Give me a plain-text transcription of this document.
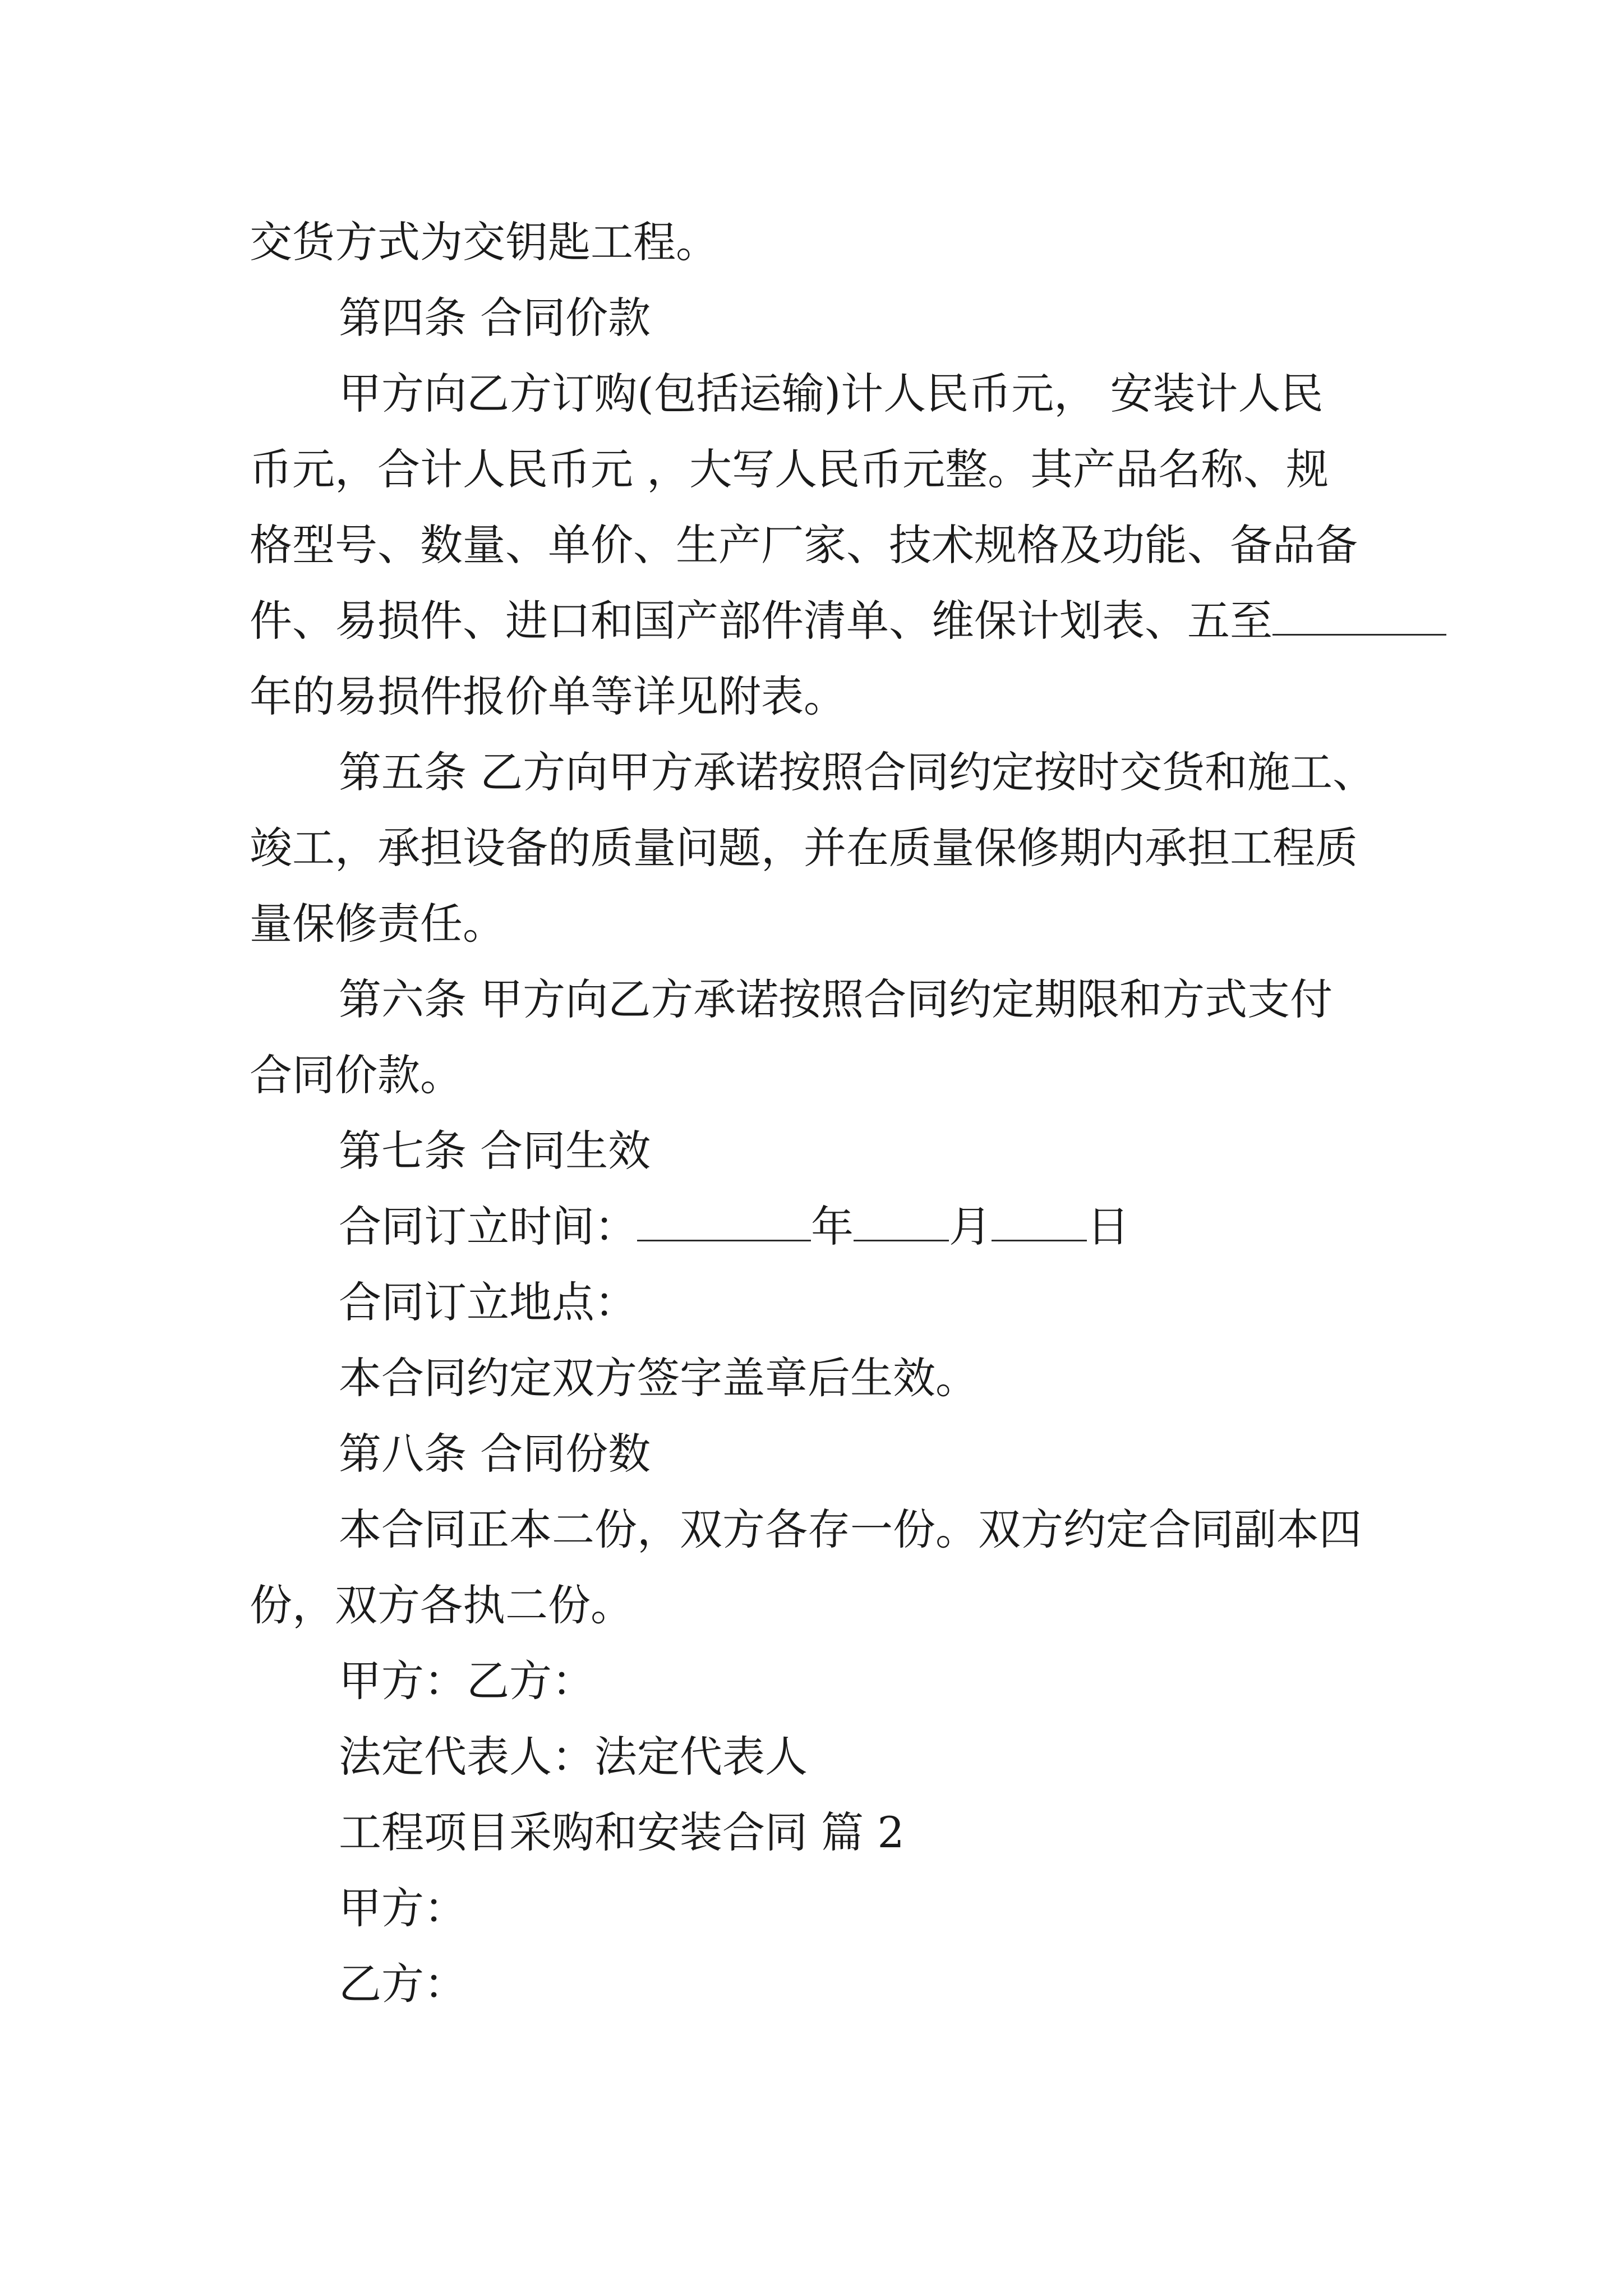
交货方式为交钥匙工程。
第四条 合同价款
甲方向乙方订购(包括运输)计人民币元， 安装计人民
币元，合计人民币元 ，大写人民币元整。其产品名称、规
格型号、数量、单价、生产厂家、技术规格及功能、备品备
件、易损件、进口和国产部件清单、维保计划表、五至
年的易损件报价单等详见附表。
第五条 乙方向甲方承诺按照合同约定按时交货和施工、
竣工，承担设备的质量问题，并在质量保修期内承担工程质
量保修责任。
第六条 甲方向乙方承诺按照合同约定期限和方式支付
合同价款。
第七条 合同生效
合同订立时间：	年 月 日
合同订立地点：
本合同约定双方签字盖章后生效。
第八条 合同份数
本合同正本二份，双方各存一份。双方约定合同副本四
份，双方各执二份。
甲方：乙方：
法定代表人：法定代表人
工程项目采购和安装合同 篇 2
甲方：
乙方：
